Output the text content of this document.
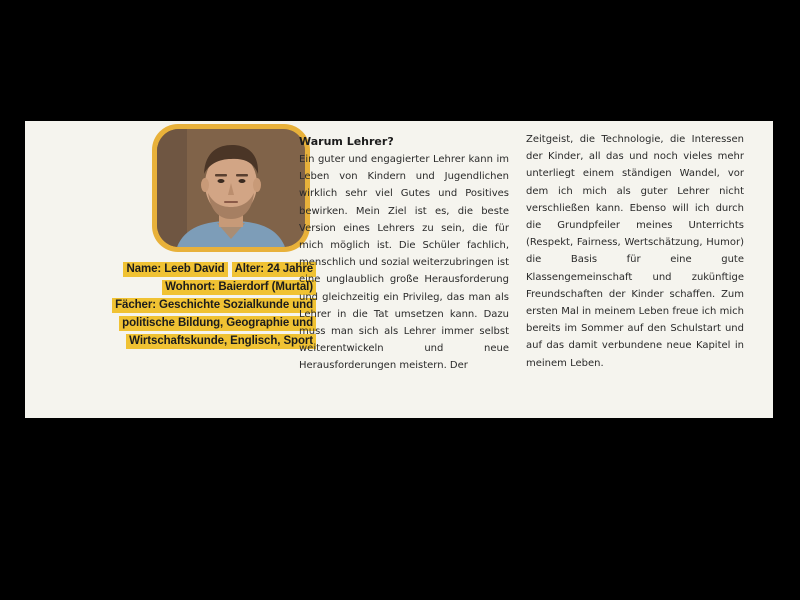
Name: Leeb David Alter: 24 Jahre
Wohnort: Baierdorf (Murtal)
Fächer: Geschichte Sozialkunde und
politische Bildung, Geographie und
Wirtschaftskunde, Englisch, Sport
Warum Lehrer?

Ein guter und engagierter Lehrer kann im Leben von Kindern und Jugendlichen wirklich sehr viel Gutes und Positives bewirken. Mein Ziel ist es, die beste Version eines Lehrers zu sein, die für mich möglich ist. Die Schüler fachlich, menschlich und sozial weiterzubringen ist eine unglaublich große Herausforderung und gleichzeitig ein Privileg, das man als Lehrer in die Tat umsetzen kann. Dazu muss man sich als Lehrer immer selbst weiterentwickeln und neue Herausforderungen meistern. Der

Zeitgeist, die Technologie, die Interessen der Kinder, all das und noch vieles mehr unterliegt einem ständigen Wandel, vor dem ich mich als guter Lehrer nicht verschließen kann. Ebenso will ich durch die Grundpfeiler meines Unterrichts (Respekt, Fairness, Wertschätzung, Humor) die Basis für eine gute Klassengemeinschaft und zukünftige Freundschaften der Kinder schaffen. Zum ersten Mal in meinem Leben freue ich mich bereits im Sommer auf den Schulstart und auf das damit verbundene neue Kapitel in meinem Leben.
